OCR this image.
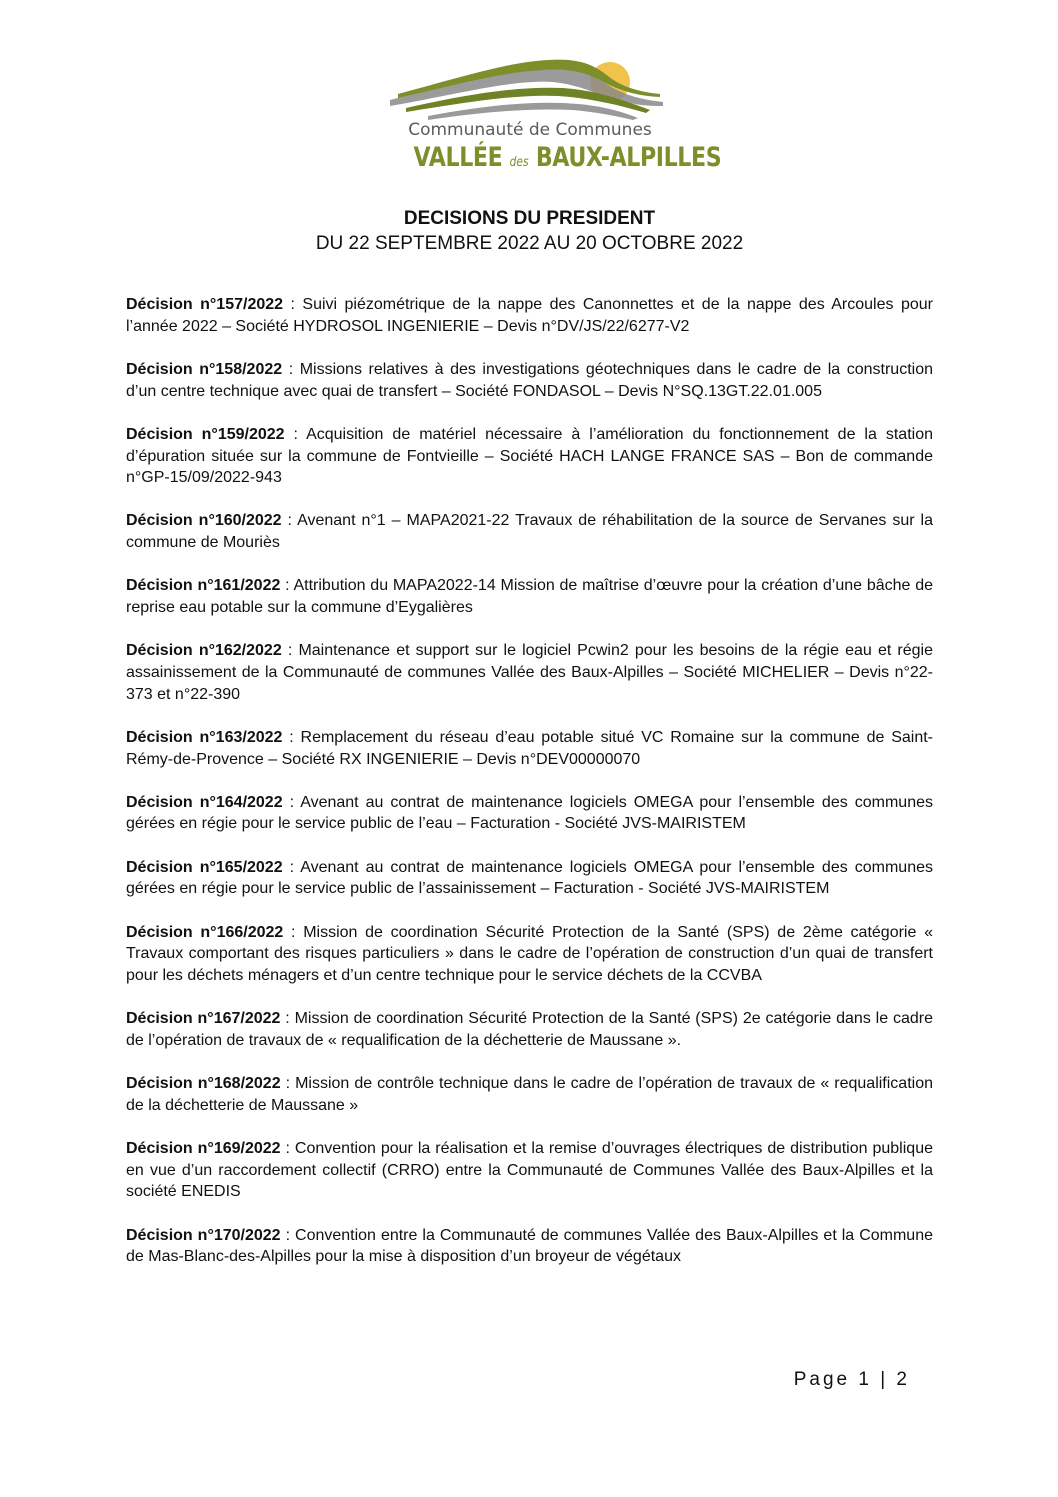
Communauté de Communes
VALLÉE des BAUX-ALPILLES
DECISIONS DU PRESIDENT
DU 22 SEPTEMBRE 2022 AU 20 OCTOBRE 2022

Décision n°157/2022 : Suivi piézométrique de la nappe des Canonnettes et de la nappe des Arcoules pour l’année 2022 – Société HYDROSOL INGENIERIE – Devis n°DV/JS/22/6277-V2

Décision n°158/2022 : Missions relatives à des investigations géotechniques dans le cadre de la construction d’un centre technique avec quai de transfert – Société FONDASOL – Devis N°SQ.13GT.22.01.005

Décision n°159/2022 : Acquisition de matériel nécessaire à l’amélioration du fonctionnement de la station d’épuration située sur la commune de Fontvieille – Société HACH LANGE FRANCE SAS – Bon de commande n°GP-15/09/2022-943

Décision n°160/2022 : Avenant n°1 – MAPA2021-22 Travaux de réhabilitation de la source de Servanes sur la commune de Mouriès

Décision n°161/2022 : Attribution du MAPA2022-14 Mission de maîtrise d’œuvre pour la création d’une bâche de reprise eau potable sur la commune d’Eygalières

Décision n°162/2022 : Maintenance et support sur le logiciel Pcwin2 pour les besoins de la régie eau et régie assainissement de la Communauté de communes Vallée des Baux-Alpilles – Société MICHELIER – Devis n°22-373 et n°22-390

Décision n°163/2022 : Remplacement du réseau d’eau potable situé VC Romaine sur la commune de Saint-Rémy-de-Provence – Société RX INGENIERIE – Devis n°DEV00000070

Décision n°164/2022 : Avenant au contrat de maintenance logiciels OMEGA pour l’ensemble des communes gérées en régie pour le service public de l’eau – Facturation - Société JVS-MAIRISTEM

Décision n°165/2022 : Avenant au contrat de maintenance logiciels OMEGA pour l’ensemble des communes gérées en régie pour le service public de l’assainissement – Facturation - Société JVS-MAIRISTEM

Décision n°166/2022 : Mission de coordination Sécurité Protection de la Santé (SPS) de 2ème catégorie « Travaux comportant des risques particuliers » dans le cadre de l’opération de construction d’un quai de transfert pour les déchets ménagers et d’un centre technique pour le service déchets de la CCVBA

Décision n°167/2022 : Mission de coordination Sécurité Protection de la Santé (SPS) 2e catégorie dans le cadre de l’opération de travaux de « requalification de la déchetterie de Maussane ».

Décision n°168/2022 : Mission de contrôle technique dans le cadre de l’opération de travaux de « requalification de la déchetterie de Maussane »

Décision n°169/2022 : Convention pour la réalisation et la remise d’ouvrages électriques de distribution publique en vue d’un raccordement collectif (CRRO) entre la Communauté de Communes Vallée des Baux-Alpilles et la société ENEDIS

Décision n°170/2022 : Convention entre la Communauté de communes Vallée des Baux-Alpilles et la Commune de Mas-Blanc-des-Alpilles pour la mise à disposition d’un broyeur de végétaux

Page 1 | 2
